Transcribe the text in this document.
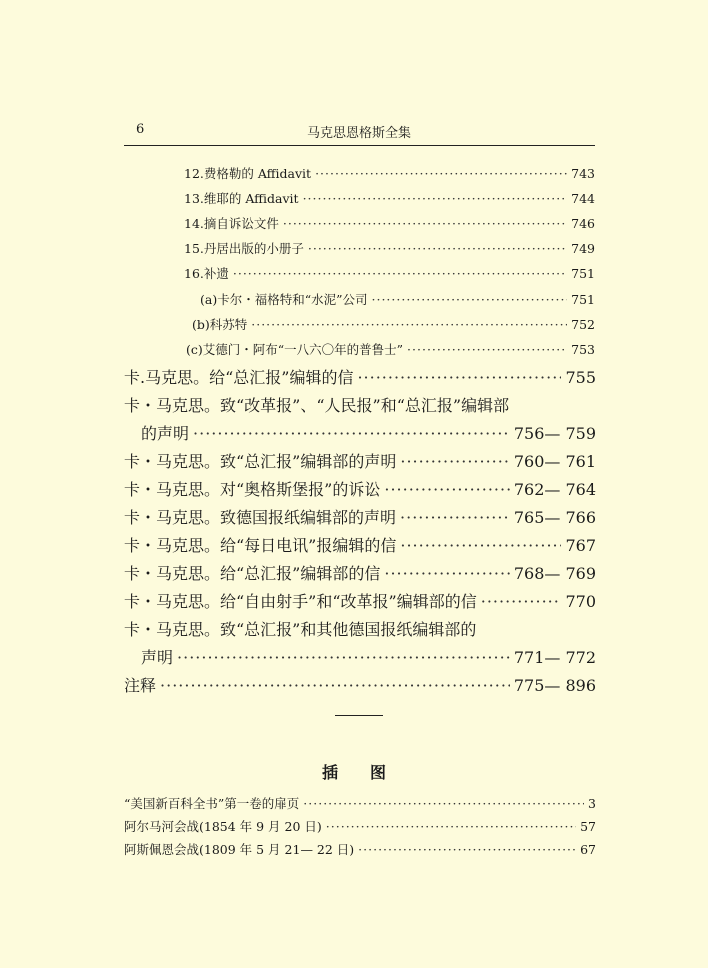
6	马克思恩格斯全集
12.费格勒的 Affidavit ·····	743
13.维耶的 Affidavit ·····	744
14.摘自诉讼文件 ·····	746
15.丹居出版的小册子 ·····	749
16.补遗 ·····	751
(a)卡尔・福格特和“水泥”公司 ·····	751
(b)科苏特 ·····	752
(c)艾德门・阿布“一八六〇年的普鲁士” ·····	753
卡.马克思。给“总汇报”编辑的信 ·····	755
卡・马克思。致“改革报”、“人民报”和“总汇报”编辑部
的声明 ·····	756— 759
卡・马克思。致“总汇报”编辑部的声明 ·····	760— 761
卡・马克思。对“奥格斯堡报”的诉讼 ·····	762— 764
卡・马克思。致德国报纸编辑部的声明 ·····	765— 766
卡・马克思。给“每日电讯”报编辑的信 ·····	767
卡・马克思。给“总汇报”编辑部的信 ·····	768— 769
卡・马克思。给“自由射手”和“改革报”编辑部的信 ·····	770
卡・马克思。致“总汇报”和其他德国报纸编辑部的
声明 ·····	771— 772
注释 ·····	775— 896
插　　图
“美国新百科全书”第一卷的扉页 ·····	3
阿尔马河会战(1854 年 9 月 20 日) ·····	57
阿斯佩恩会战(1809 年 5 月 21— 22 日) ·····	67
